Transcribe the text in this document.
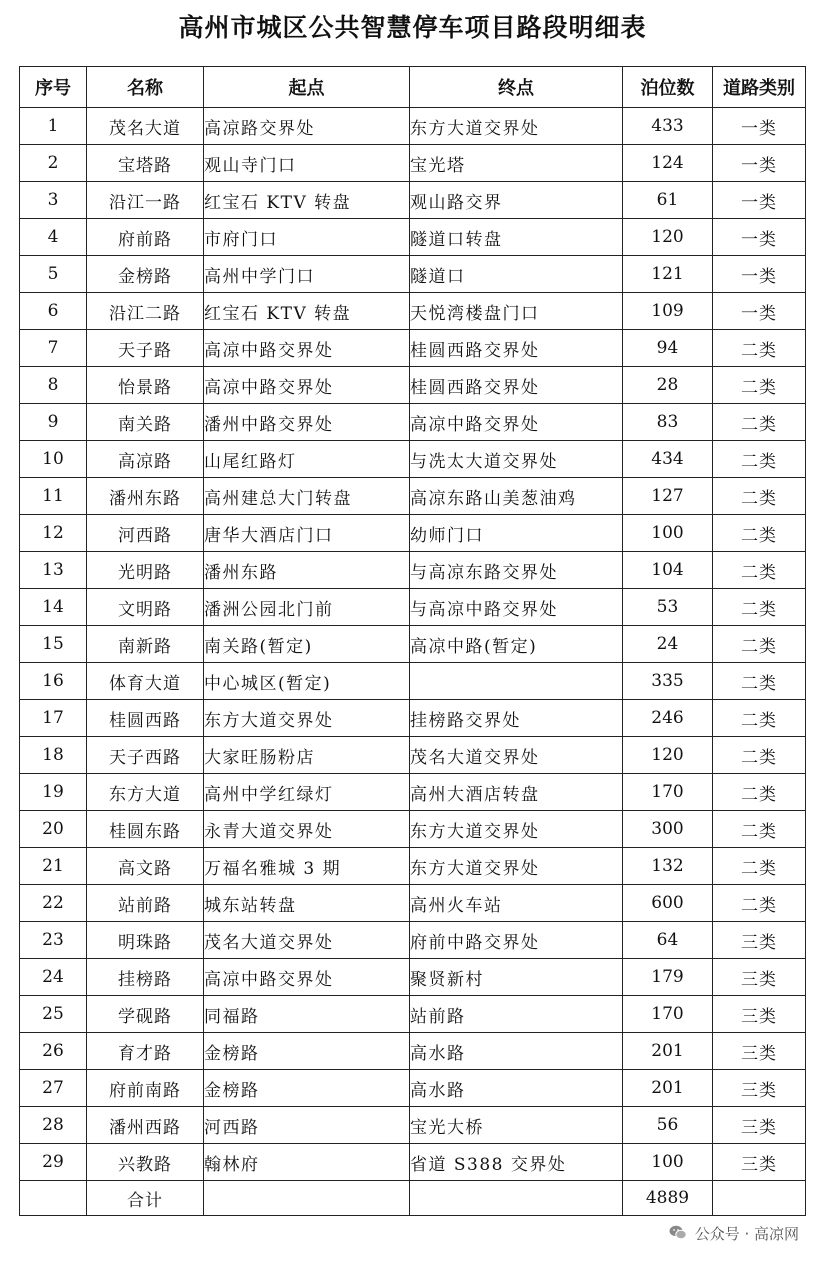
高州市城区公共智慧停车项目路段明细表
序号	名称	起点	终点	泊位数	道路类别
1	茂名大道	高凉路交界处	东方大道交界处	433	一类
2	宝塔路	观山寺门口	宝光塔	124	一类
3	沿江一路	红宝石 KTV 转盘	观山路交界	61	一类
4	府前路	市府门口	隧道口转盘	120	一类
5	金榜路	高州中学门口	隧道口	121	一类
6	沿江二路	红宝石 KTV 转盘	天悦湾楼盘门口	109	一类
7	天子路	高凉中路交界处	桂圆西路交界处	94	二类
8	怡景路	高凉中路交界处	桂圆西路交界处	28	二类
9	南关路	潘州中路交界处	高凉中路交界处	83	二类
10	高凉路	山尾红路灯	与冼太大道交界处	434	二类
11	潘州东路	高州建总大门转盘	高凉东路山美葱油鸡	127	二类
12	河西路	唐华大酒店门口	幼师门口	100	二类
13	光明路	潘州东路	与高凉东路交界处	104	二类
14	文明路	潘洲公园北门前	与高凉中路交界处	53	二类
15	南新路	南关路(暂定)	高凉中路(暂定)	24	二类
16	体育大道	中心城区(暂定)		335	二类
17	桂圆西路	东方大道交界处	挂榜路交界处	246	二类
18	天子西路	大家旺肠粉店	茂名大道交界处	120	二类
19	东方大道	高州中学红绿灯	高州大酒店转盘	170	二类
20	桂圆东路	永青大道交界处	东方大道交界处	300	二类
21	高文路	万福名雅城 3 期	东方大道交界处	132	二类
22	站前路	城东站转盘	高州火车站	600	二类
23	明珠路	茂名大道交界处	府前中路交界处	64	三类
24	挂榜路	高凉中路交界处	聚贤新村	179	三类
25	学砚路	同福路	站前路	170	三类
26	育才路	金榜路	高水路	201	三类
27	府前南路	金榜路	高水路	201	三类
28	潘州西路	河西路	宝光大桥	56	三类
29	兴教路	翰林府	省道 S388 交界处	100	三类
	合计			4889	
公众号 · 高凉网
